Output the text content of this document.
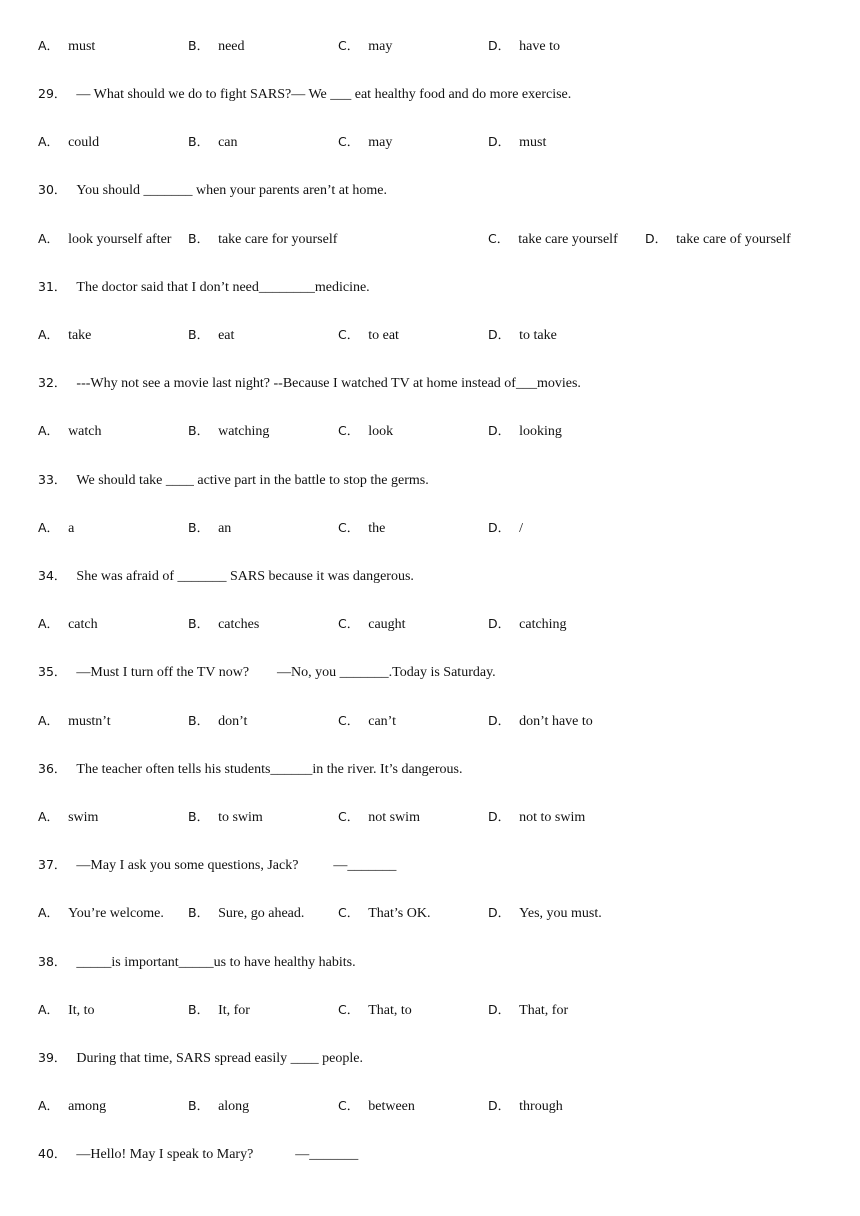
A． must	B． need	C． may	D． have to
29． — What should we do to fight SARS?— We ___ eat healthy food and do more exercise.
A． could	B． can	C． may	D． must
30． You should _______ when your parents aren’t at home.
A． look yourself after B． take care for yourself	C． take care yourself D． take care of yourself
31． The doctor said that I don’t need________medicine.
A． take	B． eat	C． to eat	D． to take
32． ---Why not see a movie last night? --Because I watched TV at home instead of___movies.
A． watch	B． watching	C． look	D． looking
33． We should take ____ active part in the battle to stop the germs.
A． a	B． an	C． the	D． /
34． She was afraid of _______ SARS because it was dangerous.
A． catch	B． catches	C． caught	D． catching
35． —Must I turn off the TV now?        —No, you _______.Today is Saturday.
A． mustn’t	B． don’t	C． can’t	D． don’t have to
36． The teacher often tells his students______in the river. It’s dangerous.
A． swim	B． to swim	C． not swim	D． not to swim
37． —May I ask you some questions, Jack?          —_______
A． You’re welcome. B． Sure, go ahead.	C． That’s OK.	D． Yes, you must.
38． _____is important_____us to have healthy habits.
A． It, to	B． It, for	C． That, to	D． That, for
39． During that time, SARS spread easily ____ people.
A． among	B． along	C． between	D． through
40． —Hello! May I speak to Mary?            —_______
